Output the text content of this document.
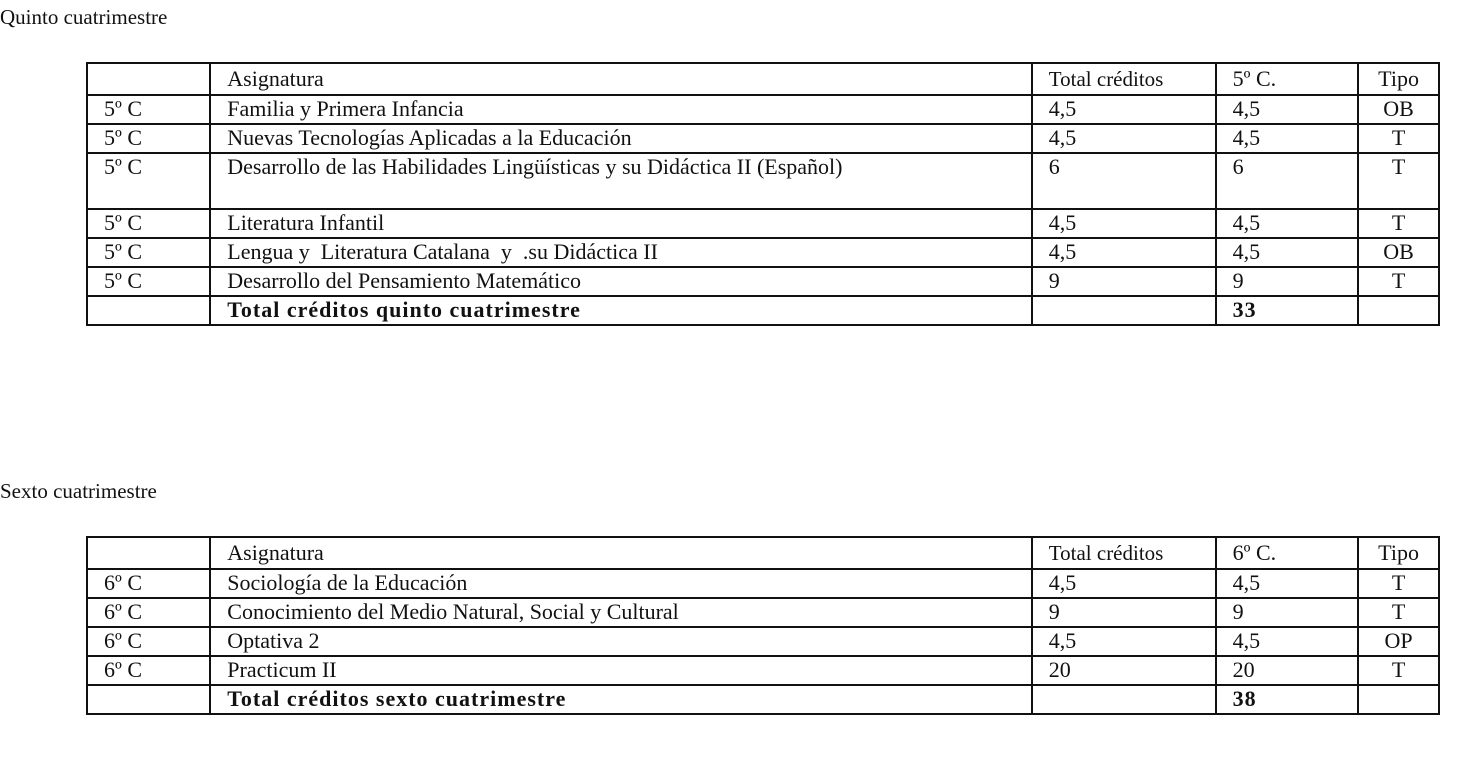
Quinto cuatrimestre

	Asignatura	Total créditos	5º C.	Tipo
5º C	Familia y Primera Infancia	4,5	4,5	OB
5º C	Nuevas Tecnologías Aplicadas a la Educación	4,5	4,5	T
5º C	Desarrollo de las Habilidades Lingüísticas y su Didáctica II (Español)	6	6	T
5º C	Literatura Infantil	4,5	4,5	T
5º C	Lengua y  Literatura Catalana  y  .su Didáctica II	4,5	4,5	OB
5º C	Desarrollo del Pensamiento Matemático	9	9	T
	Total créditos quinto cuatrimestre		33	

Sexto cuatrimestre

	Asignatura	Total créditos	6º C.	Tipo
6º C	Sociología de la Educación	4,5	4,5	T
6º C	Conocimiento del Medio Natural, Social y Cultural	9	9	T
6º C	Optativa 2	4,5	4,5	OP
6º C	Practicum II	20	20	T
	Total créditos sexto cuatrimestre		38	
